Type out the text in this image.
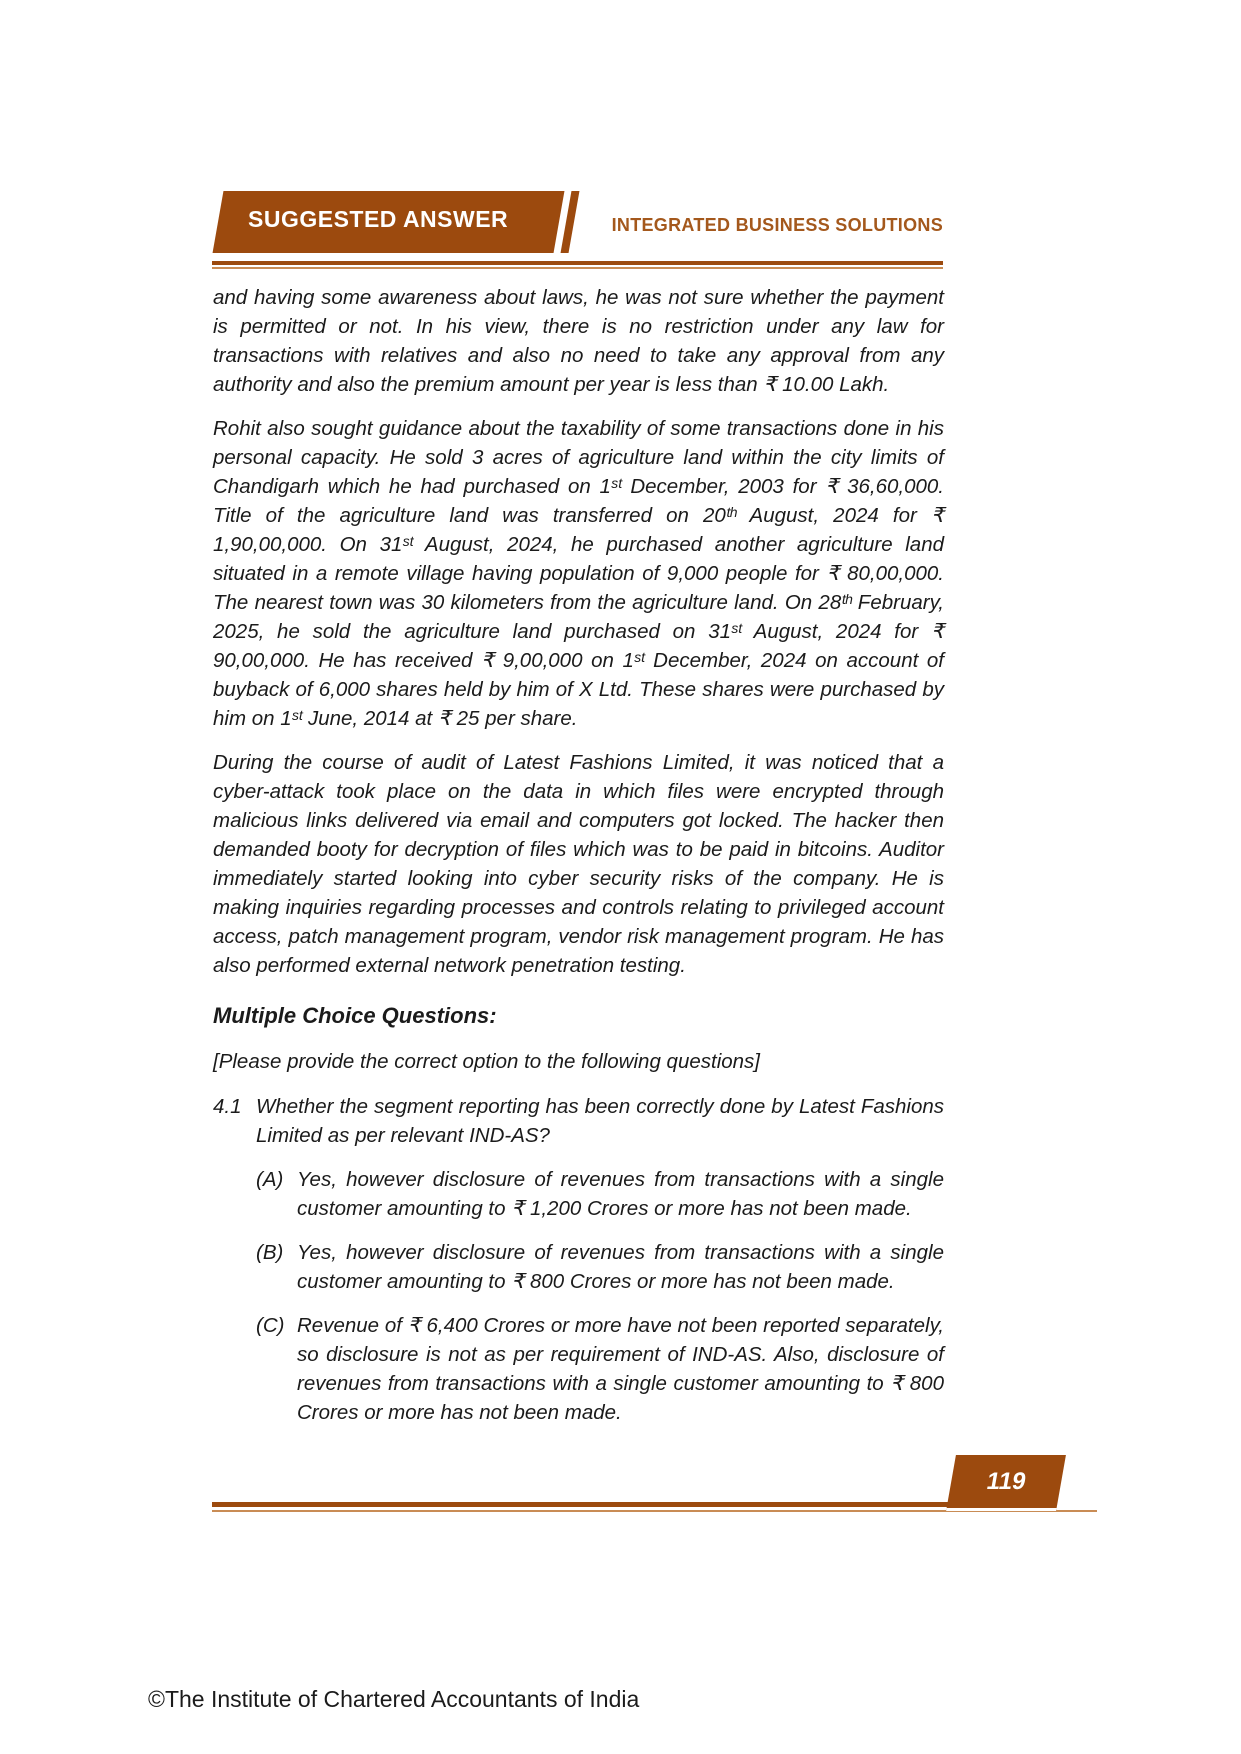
SUGGESTED ANSWER	INTEGRATED BUSINESS SOLUTIONS

and having some awareness about laws, he was not sure whether the payment is permitted or not. In his view, there is no restriction under any law for transactions with relatives and also no need to take any approval from any authority and also the premium amount per year is less than ₹ 10.00 Lakh.

Rohit also sought guidance about the taxability of some transactions done in his personal capacity. He sold 3 acres of agriculture land within the city limits of Chandigarh which he had purchased on 1ˢᵗ December, 2003 for ₹ 36,60,000. Title of the agriculture land was transferred on 20ᵗʰ August, 2024 for ₹ 1,90,00,000. On 31ˢᵗ August, 2024, he purchased another agriculture land situated in a remote village having population of 9,000 people for ₹ 80,00,000. The nearest town was 30 kilometers from the agriculture land. On 28ᵗʰ February, 2025, he sold the agriculture land purchased on 31ˢᵗ August, 2024 for ₹ 90,00,000. He has received ₹ 9,00,000 on 1ˢᵗ December, 2024 on account of buyback of 6,000 shares held by him of X Ltd. These shares were purchased by him on 1ˢᵗ June, 2014 at ₹ 25 per share.

During the course of audit of Latest Fashions Limited, it was noticed that a cyber-attack took place on the data in which files were encrypted through malicious links delivered via email and computers got locked. The hacker then demanded booty for decryption of files which was to be paid in bitcoins. Auditor immediately started looking into cyber security risks of the company. He is making inquiries regarding processes and controls relating to privileged account access, patch management program, vendor risk management program. He has also performed external network penetration testing.

Multiple Choice Questions:
[Please provide the correct option to the following questions]
4.1 Whether the segment reporting has been correctly done by Latest Fashions Limited as per relevant IND-AS?
(A) Yes, however disclosure of revenues from transactions with a single customer amounting to ₹ 1,200 Crores or more has not been made.
(B) Yes, however disclosure of revenues from transactions with a single customer amounting to ₹ 800 Crores or more has not been made.
(C) Revenue of ₹ 6,400 Crores or more have not been reported separately, so disclosure is not as per requirement of IND-AS. Also, disclosure of revenues from transactions with a single customer amounting to ₹ 800 Crores or more has not been made.
119
©The Institute of Chartered Accountants of India
